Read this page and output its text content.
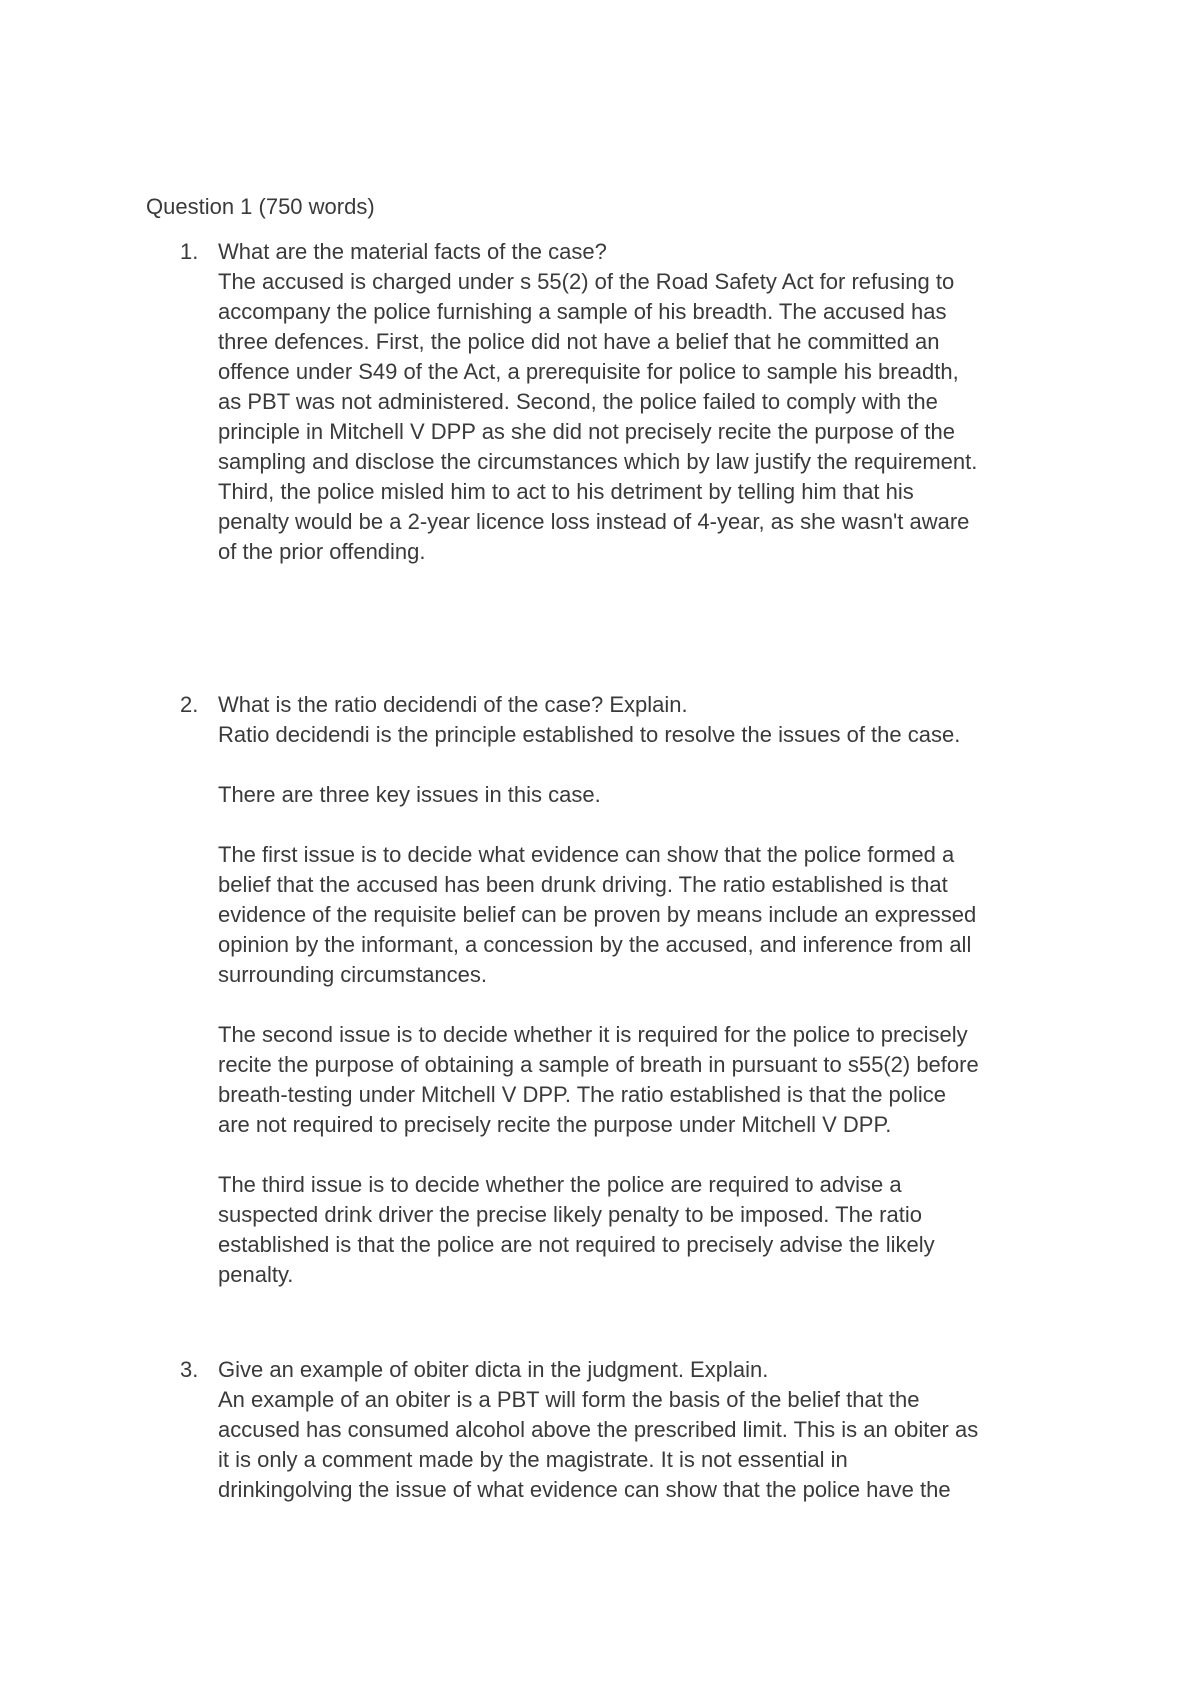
Question 1 (750 words)
1. What are the material facts of the case?
The accused is charged under s 55(2) of the Road Safety Act for refusing to
accompany the police furnishing a sample of his breadth. The accused has
three defences. First, the police did not have a belief that he committed an
offence under S49 of the Act, a prerequisite for police to sample his breadth,
as PBT was not administered. Second, the police failed to comply with the
principle in Mitchell V DPP as she did not precisely recite the purpose of the
sampling and disclose the circumstances which by law justify the requirement.
Third, the police misled him to act to his detriment by telling him that his
penalty would be a 2-year licence loss instead of 4-year, as she wasn't aware
of the prior offending.
2. What is the ratio decidendi of the case? Explain.
Ratio decidendi is the principle established to resolve the issues of the case.
There are three key issues in this case.
The first issue is to decide what evidence can show that the police formed a
belief that the accused has been drunk driving. The ratio established is that
evidence of the requisite belief can be proven by means include an expressed
opinion by the informant, a concession by the accused, and inference from all
surrounding circumstances.
The second issue is to decide whether it is required for the police to precisely
recite the purpose of obtaining a sample of breath in pursuant to s55(2) before
breath-testing under Mitchell V DPP. The ratio established is that the police
are not required to precisely recite the purpose under Mitchell V DPP.
The third issue is to decide whether the police are required to advise a
suspected drink driver the precise likely penalty to be imposed. The ratio
established is that the police are not required to precisely advise the likely
penalty.
3. Give an example of obiter dicta in the judgment. Explain.
An example of an obiter is a PBT will form the basis of the belief that the
accused has consumed alcohol above the prescribed limit. This is an obiter as
it is only a comment made by the magistrate. It is not essential in
drinkingolving the issue of what evidence can show that the police have the
